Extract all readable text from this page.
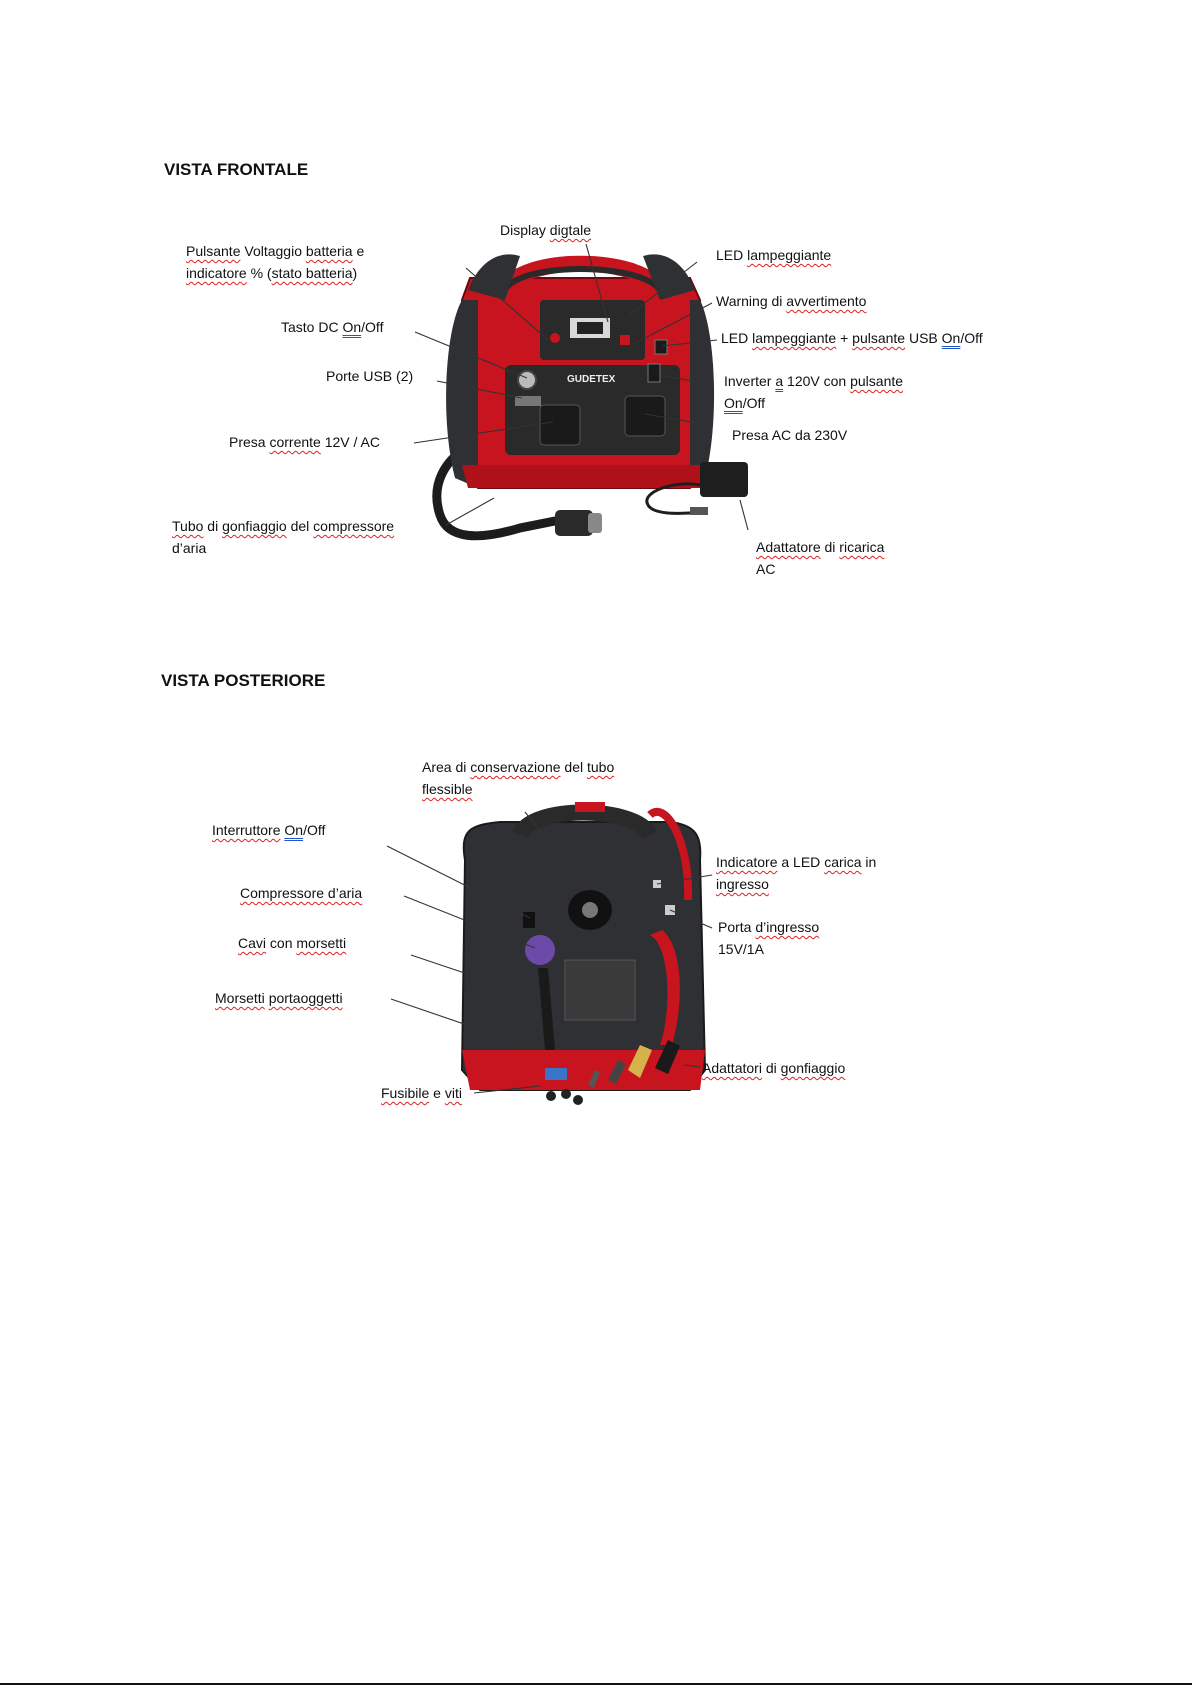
VISTA FRONTALE
VISTA POSTERIORE
GUDETEX
Pulsante Voltaggio batteria e
indicatore % (stato batteria)
Display digtale
LED lampeggiante
Warning di avvertimento
LED lampeggiante + pulsante USB On/Off
Tasto DC On/Off
Porte USB (2)	Inverter a 120V con pulsante
On/Off
Presa corrente 12V / AC	Presa AC da 230V
Tubo di gonfiaggio del compressore
d’aria	Adattatore di ricarica
AC
Area di conservazione del tubo
flessible
Interruttore On/Off
Compressore d’aria
Cavi con morsetti
Morsetti portaoggetti
Fusibile e viti
Indicatore a LED carica in
ingresso
Porta d’ingresso
15V/1A
Adattatori di gonfiaggio
